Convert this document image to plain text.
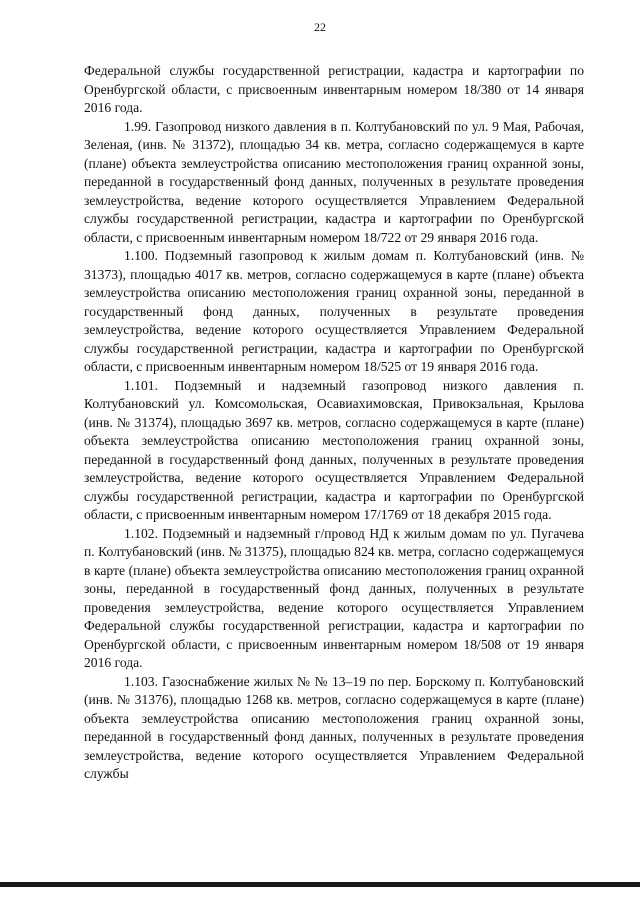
22

Федеральной службы государственной регистрации, кадастра и картографии по Оренбургской области, с присвоенным инвентарным номером 18/380 от 14 января 2016 года.

1.99. Газопровод низкого давления в п. Колтубановский по ул. 9 Мая, Рабочая, Зеленая, (инв. № 31372), площадью 34 кв. метра, согласно содержащемуся в карте (плане) объекта землеустройства описанию местоположения границ охранной зоны, переданной в государственный фонд данных, полученных в результате проведения землеустройства, ведение которого осуществляется Управлением Федеральной службы государственной регистрации, кадастра и картографии по Оренбургской области, с присвоенным инвентарным номером 18/722 от 29 января 2016 года.

1.100. Подземный газопровод к жилым домам п. Колтубановский (инв. № 31373), площадью 4017 кв. метров, согласно содержащемуся в карте (плане) объекта землеустройства описанию местоположения границ охранной зоны, переданной в государственный фонд данных, полученных в результате проведения землеустройства, ведение которого осуществляется Управлением Федеральной службы государственной регистрации, кадастра и картографии по Оренбургской области, с присвоенным инвентарным номером 18/525 от 19 января 2016 года.

1.101. Подземный и надземный газопровод низкого давления п. Колтубановский ул. Комсомольская, Осавиахимовская, Привокзальная, Крылова (инв. № 31374), площадью 3697 кв. метров, согласно содержащемуся в карте (плане) объекта землеустройства описанию местоположения границ охранной зоны, переданной в государственный фонд данных, полученных в результате проведения землеустройства, ведение которого осуществляется Управлением Федеральной службы государственной регистрации, кадастра и картографии по Оренбургской области, с присвоенным инвентарным номером 17/1769 от 18 декабря 2015 года.

1.102. Подземный и надземный г/провод НД к жилым домам по ул. Пугачева п. Колтубановский (инв. № 31375), площадью 824 кв. метра, согласно содержащемуся в карте (плане) объекта землеустройства описанию местоположения границ охранной зоны, переданной в государственный фонд данных, полученных в результате проведения землеустройства, ведение которого осуществляется Управлением Федеральной службы государственной регистрации, кадастра и картографии по Оренбургской области, с присвоенным инвентарным номером 18/508 от 19 января 2016 года.

1.103. Газоснабжение жилых № № 13–19 по пер. Борскому п. Колтубановский (инв. № 31376), площадью 1268 кв. метров, согласно содержащемуся в карте (плане) объекта землеустройства описанию местоположения границ охранной зоны, переданной в государственный фонд данных, полученных в результате проведения землеустройства, ведение которого осуществляется Управлением Федеральной службы
